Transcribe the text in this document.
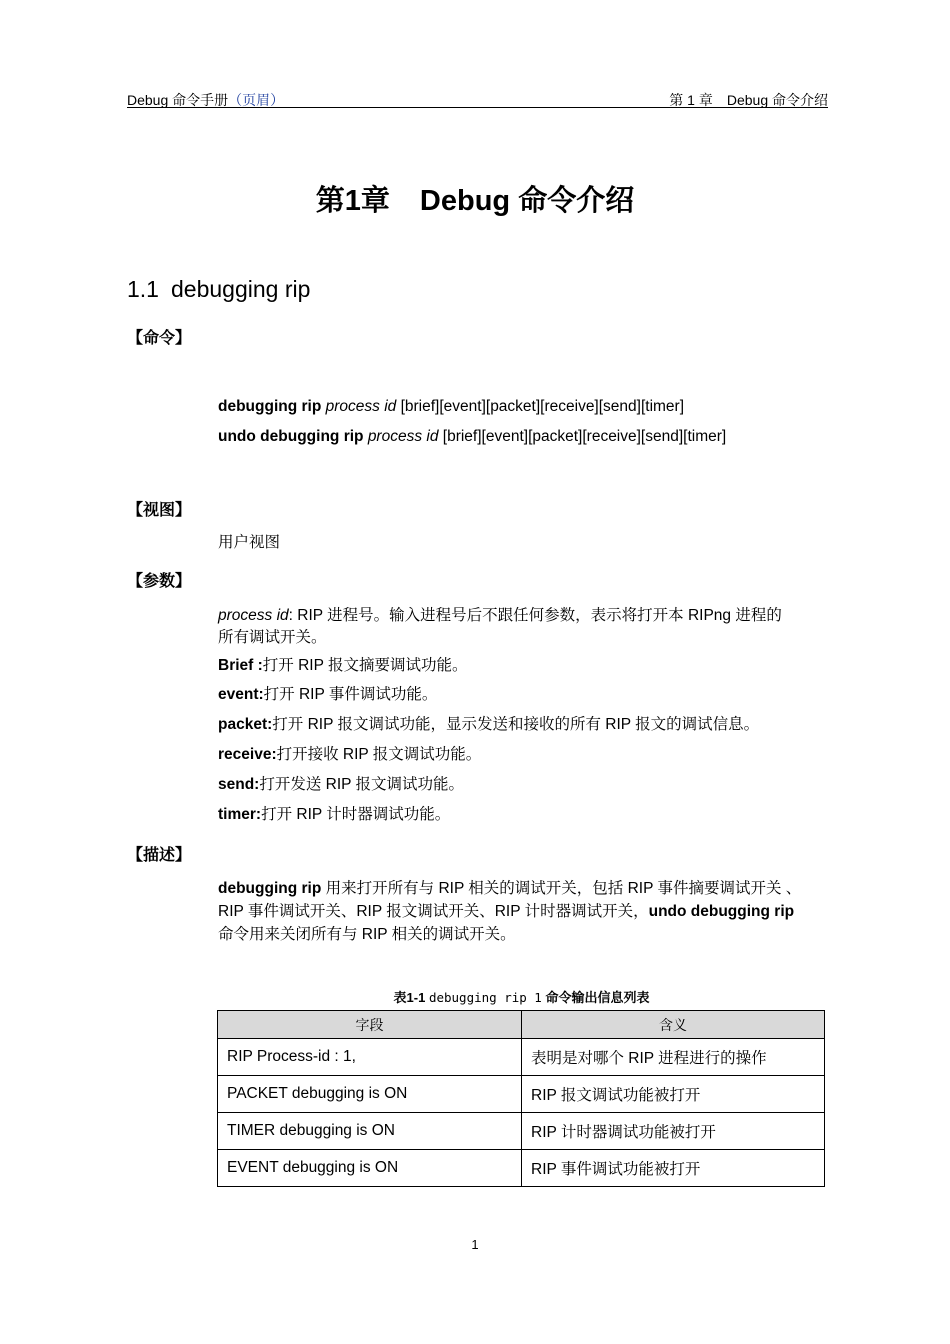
Debug 命令手册（页眉）	第 1 章　Debug 命令介绍
第1章 Debug 命令介绍
1.1 debugging rip
【命令】
debugging rip process id [brief][event][packet][receive][send][timer]
undo debugging rip process id [brief][event][packet][receive][send][timer]
【视图】
用户视图
【参数】
process id: RIP 进程号。输入进程号后不跟任何参数，表示将打开本 RIPng 进程的
所有调试开关。
Brief :打开 RIP 报文摘要调试功能。
event:打开 RIP 事件调试功能。
packet:打开 RIP 报文调试功能，显示发送和接收的所有 RIP 报文的调试信息。
receive:打开接收 RIP 报文调试功能。
send:打开发送 RIP 报文调试功能。
timer:打开 RIP 计时器调试功能。
【描述】
debugging rip 用来打开所有与 RIP 相关的调试开关，包括 RIP 事件摘要调试开关 、
RIP 事件调试开关、RIP 报文调试开关、RIP 计时器调试开关，undo debugging rip
命令用来关闭所有与 RIP 相关的调试开关。
表1-1 debugging rip 1 命令输出信息列表
字段	含义
RIP Process-id : 1,	表明是对哪个 RIP 进程进行的操作
PACKET debugging is ON	RIP 报文调试功能被打开
TIMER debugging is ON	RIP 计时器调试功能被打开
EVENT debugging is ON	RIP 事件调试功能被打开
1
